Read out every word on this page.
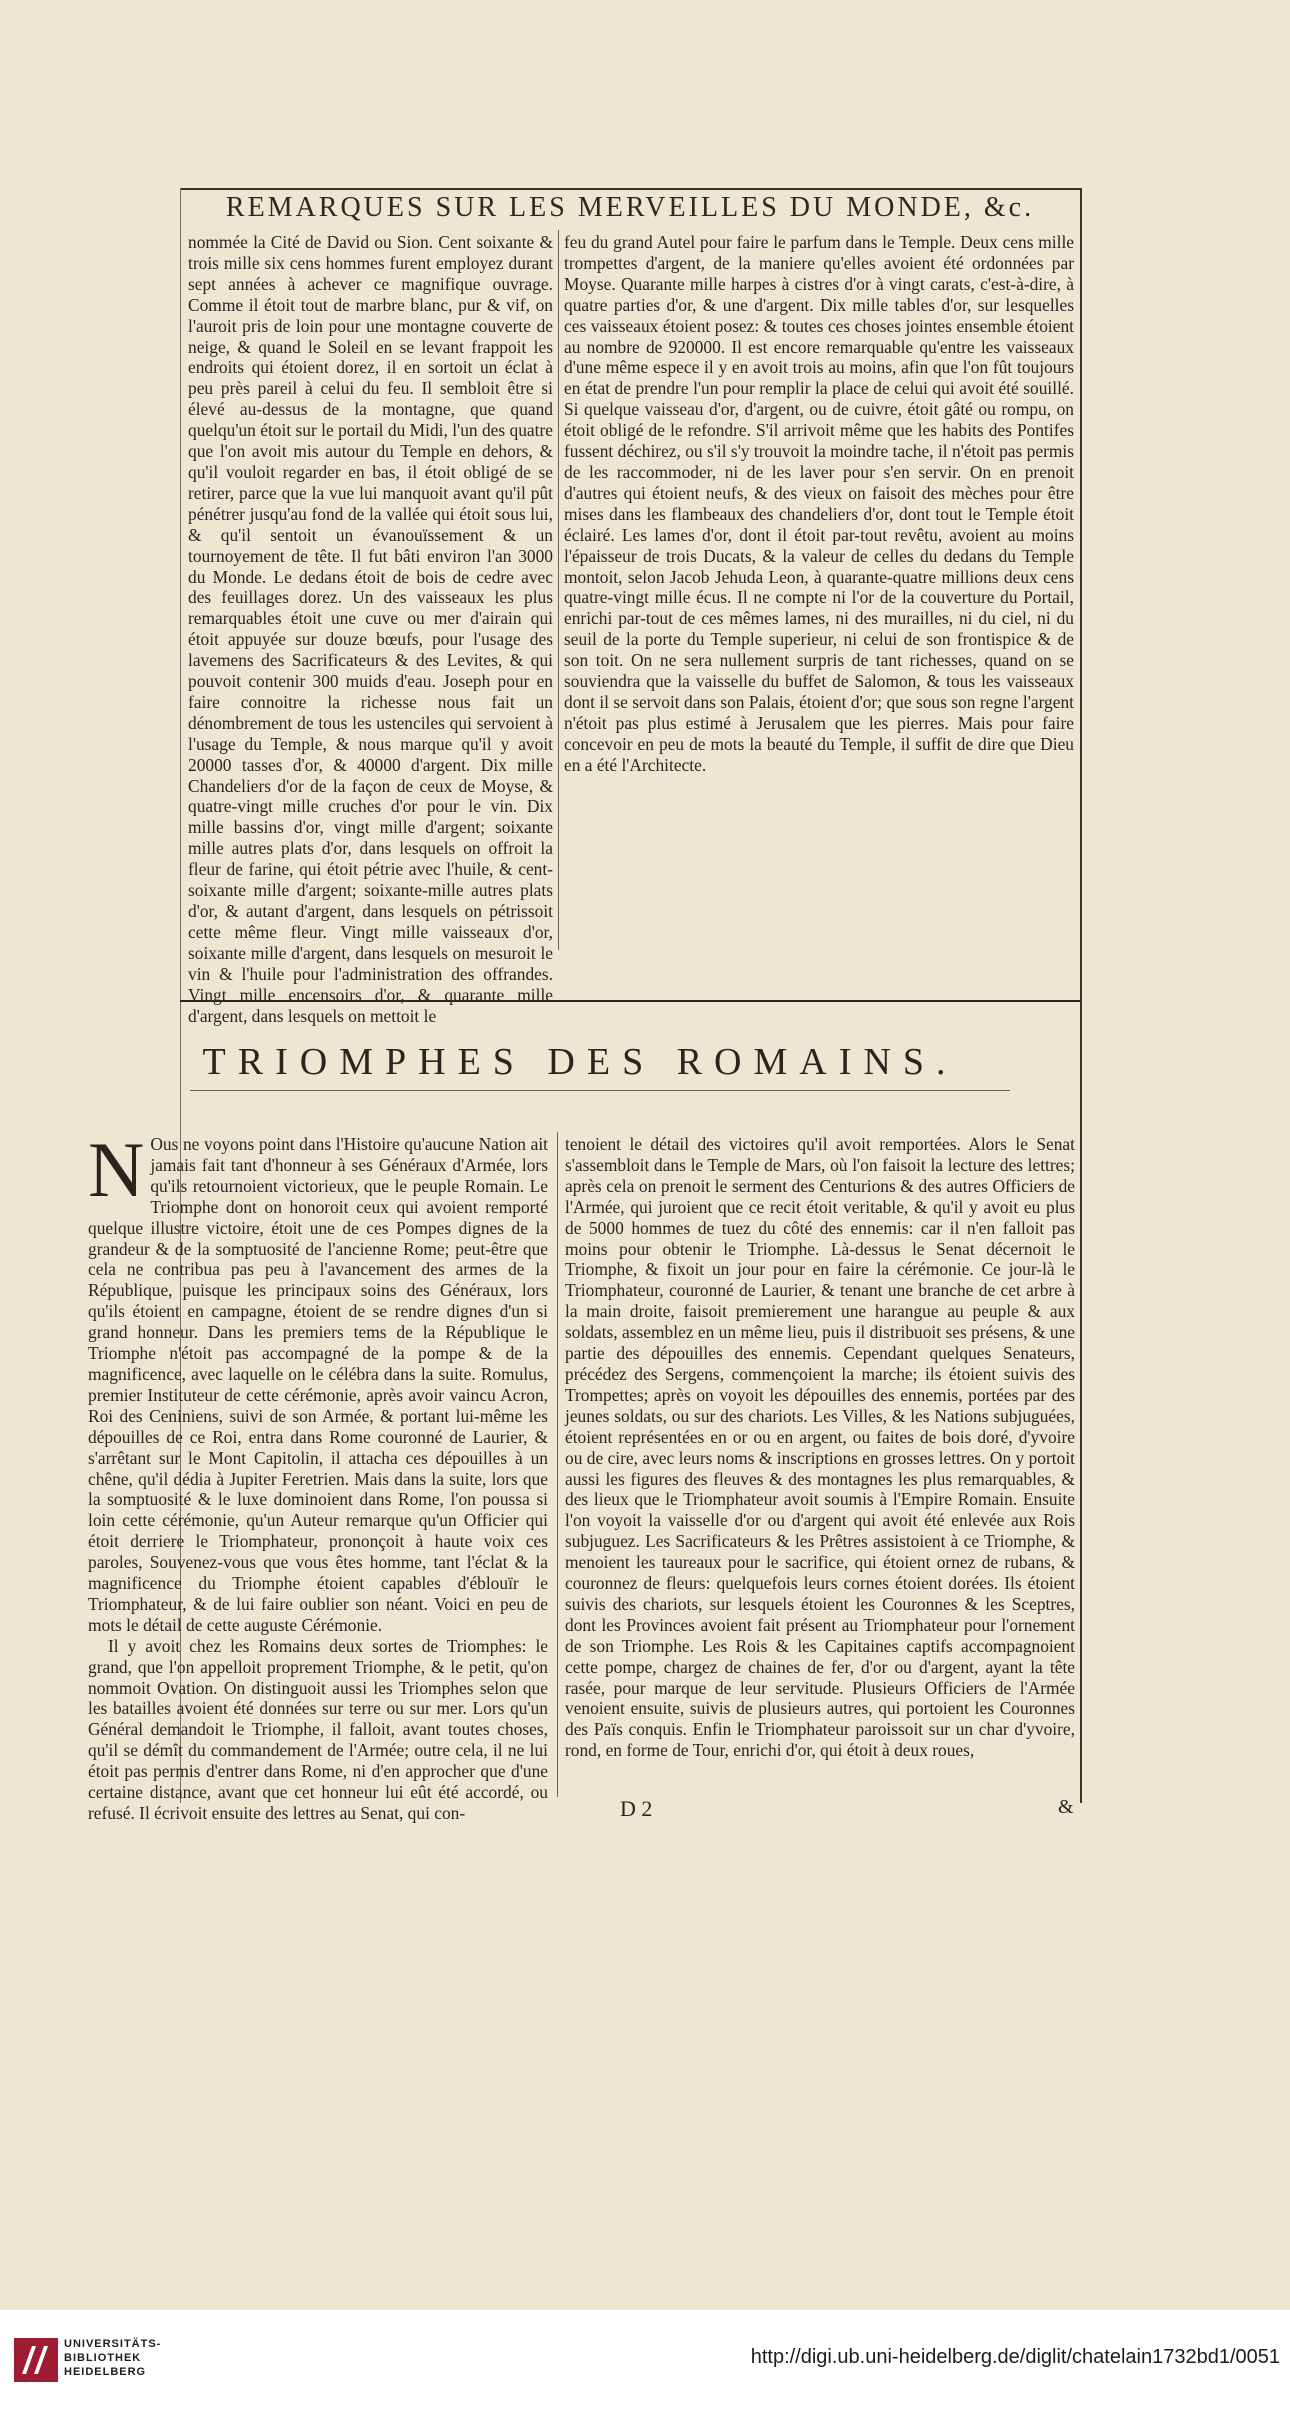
REMARQUES SUR LES MERVEILLES DU MONDE, &c.

nommée la Cité de David ou Sion. Cent soixante & trois mille six cens hommes furent employez durant sept années à achever ce magnifique ouvrage. Comme il étoit tout de marbre blanc, pur & vif, on l'auroit pris de loin pour une montagne couverte de neige, & quand le Soleil en se levant frappoit les endroits qui étoient dorez, il en sortoit un éclat à peu près pareil à celui du feu. Il sembloit être si élevé au-dessus de la montagne, que quand quelqu'un étoit sur le portail du Midi, l'un des quatre que l'on avoit mis autour du Temple en dehors, & qu'il vouloit regarder en bas, il étoit obligé de se retirer, parce que la vue lui manquoit avant qu'il pût pénétrer jusqu'au fond de la vallée qui étoit sous lui, & qu'il sentoit un évanouïssement & un tournoyement de tête. Il fut bâti environ l'an 3000 du Monde. Le dedans étoit de bois de cedre avec des feuillages dorez. Un des vaisseaux les plus remarquables étoit une cuve ou mer d'airain qui étoit appuyée sur douze bœufs, pour l'usage des lavemens des Sacrificateurs & des Levites, & qui pouvoit contenir 300 muids d'eau. Joseph pour en faire connoitre la richesse nous fait un dénombrement de tous les ustenciles qui servoient à l'usage du Temple, & nous marque qu'il y avoit 20000 tasses d'or, & 40000 d'argent. Dix mille Chandeliers d'or de la façon de ceux de Moyse, & quatre-vingt mille cruches d'or pour le vin. Dix mille bassins d'or, vingt mille d'argent; soixante mille autres plats d'or, dans lesquels on offroit la fleur de farine, qui étoit pétrie avec l'huile, & cent-soixante mille d'argent; soixante-mille autres plats d'or, & autant d'argent, dans lesquels on pétrissoit cette même fleur. Vingt mille vaisseaux d'or, soixante mille d'argent, dans lesquels on mesuroit le vin & l'huile pour l'administration des offrandes. Vingt mille encensoirs d'or, & quarante mille d'argent, dans lesquels on mettoit le

feu du grand Autel pour faire le parfum dans le Temple. Deux cens mille trompettes d'argent, de la maniere qu'elles avoient été ordonnées par Moyse. Quarante mille harpes à cistres d'or à vingt carats, c'est-à-dire, à quatre parties d'or, & une d'argent. Dix mille tables d'or, sur lesquelles ces vaisseaux étoient posez: & toutes ces choses jointes ensemble étoient au nombre de 920000. Il est encore remarquable qu'entre les vaisseaux d'une même espece il y en avoit trois au moins, afin que l'on fût toujours en état de prendre l'un pour remplir la place de celui qui avoit été souillé. Si quelque vaisseau d'or, d'argent, ou de cuivre, étoit gâté ou rompu, on étoit obligé de le refondre. S'il arrivoit même que les habits des Pontifes fussent déchirez, ou s'il s'y trouvoit la moindre tache, il n'étoit pas permis de les raccommoder, ni de les laver pour s'en servir. On en prenoit d'autres qui étoient neufs, & des vieux on faisoit des mèches pour être mises dans les flambeaux des chandeliers d'or, dont tout le Temple étoit éclairé. Les lames d'or, dont il étoit par-tout revêtu, avoient au moins l'épaisseur de trois Ducats, & la valeur de celles du dedans du Temple montoit, selon Jacob Jehuda Leon, à quarante-quatre millions deux cens quatre-vingt mille écus. Il ne compte ni l'or de la couverture du Portail, enrichi par-tout de ces mêmes lames, ni des murailles, ni du ciel, ni du seuil de la porte du Temple superieur, ni celui de son frontispice & de son toit. On ne sera nullement surpris de tant richesses, quand on se souviendra que la vaisselle du buffet de Salomon, & tous les vaisseaux dont il se servoit dans son Palais, étoient d'or; que sous son regne l'argent n'étoit pas plus estimé à Jerusalem que les pierres. Mais pour faire concevoir en peu de mots la beauté du Temple, il suffit de dire que Dieu en a été l'Architecte.

TRIOMPHES DES ROMAINS.
N Ous ne voyons point dans l'Histoire qu'aucune Nation ait jamais fait tant d'honneur à ses Généraux d'Armée, lors qu'ils retournoient victorieux, que le peuple Romain. Le Triomphe dont on honoroit ceux qui avoient remporté quelque illustre victoire, étoit une de ces Pompes dignes de la grandeur & de la somptuosité de l'ancienne Rome; peut-être que cela ne contribua pas peu à l'avancement des armes de la République, puisque les principaux soins des Généraux, lors qu'ils étoient en campagne, étoient de se rendre dignes d'un si grand honneur. Dans les premiers tems de la République le Triomphe n'étoit pas accompagné de la pompe & de la magnificence, avec laquelle on le célébra dans la suite. Romulus, premier Instituteur de cette cérémonie, après avoir vaincu Acron, Roi des Ceniniens, suivi de son Armée, & portant lui-même les dépouilles de ce Roi, entra dans Rome couronné de Laurier, & s'arrêtant sur le Mont Capitolin, il attacha ces dépouilles à un chêne, qu'il dédia à Jupiter Feretrien. Mais dans la suite, lors que la somptuosité & le luxe dominoient dans Rome, l'on poussa si loin cette cérémonie, qu'un Auteur remarque qu'un Officier qui étoit derriere le Triomphateur, prononçoit à haute voix ces paroles, Souvenez-vous que vous êtes homme, tant l'éclat & la magnificence du Triomphe étoient capables d'éblouïr le Triomphateur, & de lui faire oublier son néant. Voici en peu de mots le détail de cette auguste Cérémonie.

Il y avoit chez les Romains deux sortes de Triomphes: le grand, que l'on appelloit proprement Triomphe, & le petit, qu'on nommoit Ovation. On distinguoit aussi les Triomphes selon que les batailles avoient été données sur terre ou sur mer. Lors qu'un Général demandoit le Triomphe, il falloit, avant toutes choses, qu'il se démît du commandement de l'Armée; outre cela, il ne lui étoit pas permis d'entrer dans Rome, ni d'en approcher que d'une certaine distance, avant que cet honneur lui eût été accordé, ou refusé. Il écrivoit ensuite des lettres au Senat, qui con-

tenoient le détail des victoires qu'il avoit remportées. Alors le Senat s'assembloit dans le Temple de Mars, où l'on faisoit la lecture des lettres; après cela on prenoit le serment des Centurions & des autres Officiers de l'Armée, qui juroient que ce recit étoit veritable, & qu'il y avoit eu plus de 5000 hommes de tuez du côté des ennemis: car il n'en falloit pas moins pour obtenir le Triomphe. Là-dessus le Senat décernoit le Triomphe, & fixoit un jour pour en faire la cérémonie. Ce jour-là le Triomphateur, couronné de Laurier, & tenant une branche de cet arbre à la main droite, faisoit premierement une harangue au peuple & aux soldats, assemblez en un même lieu, puis il distribuoit ses présens, & une partie des dépouilles des ennemis. Cependant quelques Senateurs, précédez des Sergens, commençoient la marche; ils étoient suivis des Trompettes; après on voyoit les dépouilles des ennemis, portées par des jeunes soldats, ou sur des chariots. Les Villes, & les Nations subjuguées, étoient représentées en or ou en argent, ou faites de bois doré, d'yvoire ou de cire, avec leurs noms & inscriptions en grosses lettres. On y portoit aussi les figures des fleuves & des montagnes les plus remarquables, & des lieux que le Triomphateur avoit soumis à l'Empire Romain. Ensuite l'on voyoit la vaisselle d'or ou d'argent qui avoit été enlevée aux Rois subjuguez. Les Sacrificateurs & les Prêtres assistoient à ce Triomphe, & menoient les taureaux pour le sacrifice, qui étoient ornez de rubans, & couronnez de fleurs: quelquefois leurs cornes étoient dorées. Ils étoient suivis des chariots, sur lesquels étoient les Couronnes & les Sceptres, dont les Provinces avoient fait présent au Triomphateur pour l'ornement de son Triomphe. Les Rois & les Capitaines captifs accompagnoient cette pompe, chargez de chaines de fer, d'or ou d'argent, ayant la tête rasée, pour marque de leur servitude. Plusieurs Officiers de l'Armée venoient ensuite, suivis de plusieurs autres, qui portoient les Couronnes des Païs conquis. Enfin le Triomphateur paroissoit sur un char d'yvoire, rond, en forme de Tour, enrichi d'or, qui étoit à deux roues,

D 2	&
UNIVERSITÄTS-
BIBLIOTHEK
HEIDELBERG
http://digi.ub.uni-heidelberg.de/diglit/chatelain1732bd1/0051
